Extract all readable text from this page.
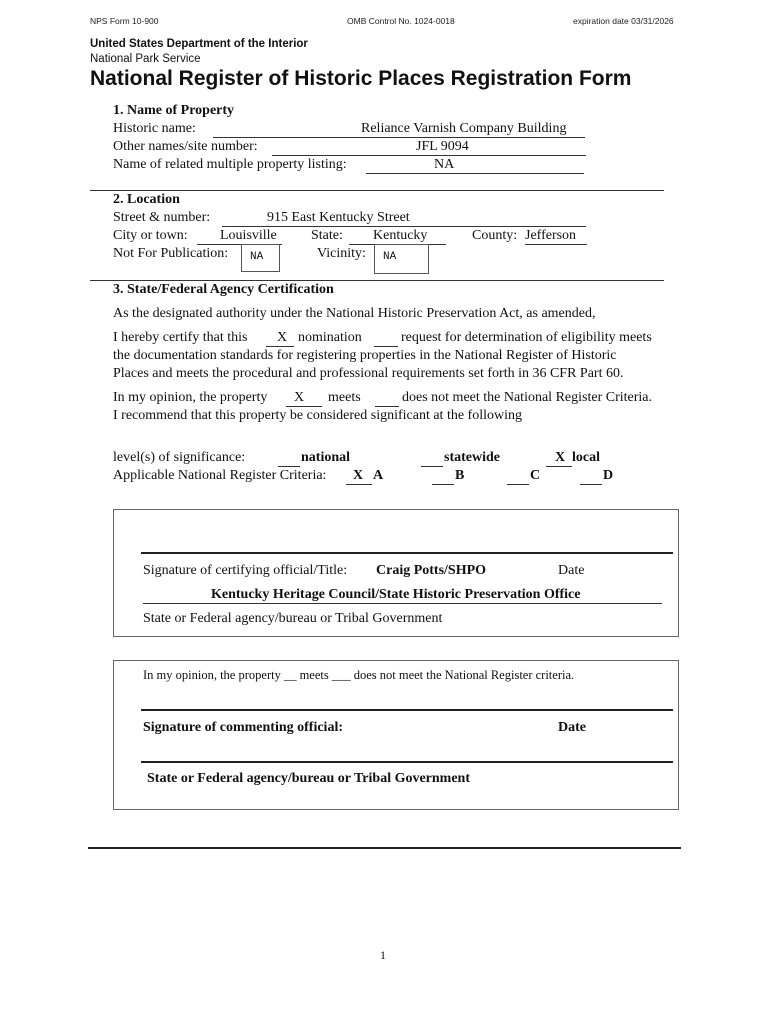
NPS Form 10-900	OMB Control No. 1024-0018	expiration date 03/31/2026
United States Department of the Interior
National Park Service
National Register of Historic Places Registration Form
1. Name of Property
Historic name:	Reliance Varnish Company Building
Other names/site number:	JFL 9094
Name of related multiple property listing:	NA
2. Location
Street & number:	915 East Kentucky Street
City or town: Louisville State: Kentucky	County: Jefferson
Not For Publication:	NA	Vicinity:	NA
3. State/Federal Agency Certification
As the designated authority under the National Historic Preservation Act, as amended,
I hereby certify that this X nomination	request for determination of eligibility meets
the documentation standards for registering properties in the National Register of Historic
Places and meets the procedural and professional requirements set forth in 36 CFR Part 60.
In my opinion, the property X meets	does not meet the National Register Criteria.
I recommend that this property be considered significant at the following
level(s) of significance:	national	statewide	X local
Applicable National Register Criteria: X A	B	C	D
Signature of certifying official/Title: Craig Potts/SHPO	Date
Kentucky Heritage Council/State Historic Preservation Office
State or Federal agency/bureau or Tribal Government
In my opinion, the property __ meets ___ does not meet the National Register criteria.
Signature of commenting official:	Date
State or Federal agency/bureau or Tribal Government
1
